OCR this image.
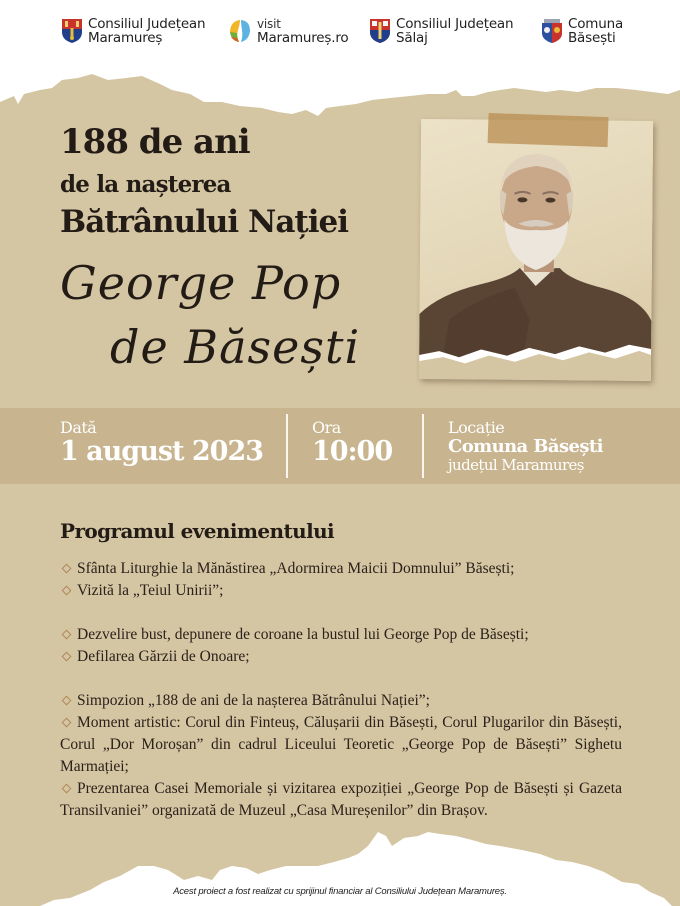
Consiliul Județean
Maramureș
visit
Maramureș.ro
Consiliul Județean
Sălaj
Comuna
Băsești
188 de ani
de la nașterea
Bătrânului Nației
George Pop
de Băsești
Dată
1 august 2023
Ora
10:00
Locație
Comuna Băsești
județul Maramureș
Programul evenimentului
Sfânta Liturghie la Mănăstirea „Adormirea Maicii Domnului” Băsești;
Vizită la „Teiul Unirii”;
Dezvelire bust, depunere de coroane la bustul lui George Pop de Băsești;
Defilarea Gărzii de Onoare;
Simpozion „188 de ani de la nașterea Bătrânului Nației”;
Moment artistic: Corul din Finteuș, Călușarii din Băsești, Corul Plugarilor din Băsești, Corul „Dor Moroșan” din cadrul Liceului Teoretic „George Pop de Băsești” Sighetu Marmației;
Prezentarea Casei Memoriale și vizitarea expoziției „George Pop de Băsești și Gazeta Transilvaniei” organizată de Muzeul „Casa Mureșenilor” din Brașov.
Acest proiect a fost realizat cu sprijinul financiar al Consiliului Județean Maramureș.
